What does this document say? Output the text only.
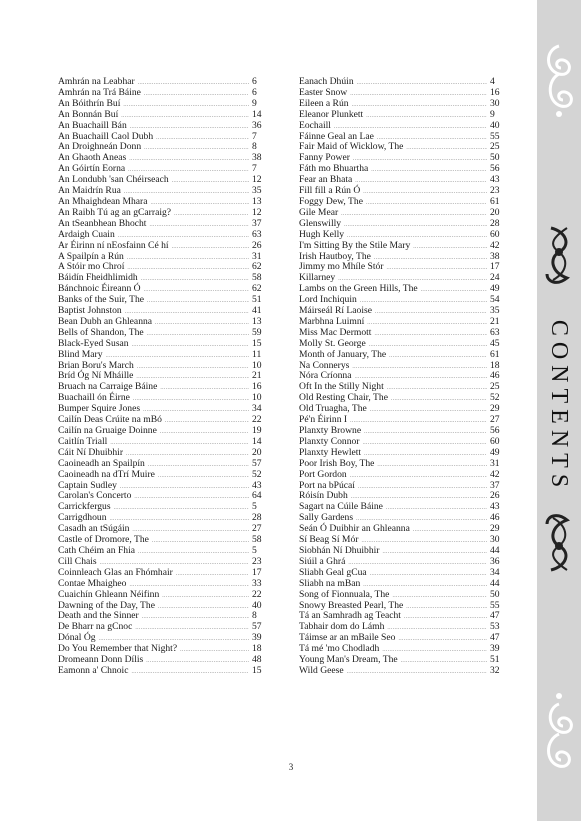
CONTENTS
Amhrán na Leabhar .....	6
Amhrán na Trá Báine .....	6
An Bóithrín Buí .....	9
An Bonnán Buí .....	14
An Buachaill Bán .....	36
An Buachaill Caol Dubh .....	7
An Droighneán Donn .....	8
An Ghaoth Aneas .....	38
An Góirtín Eorna .....	7
An Londubh 'san Chéirseach .....	12
An Maidrín Rua .....	35
An Mhaighdean Mhara .....	13
An Raibh Tú ag an gCarraig? .....	12
An tSeanbhean Bhocht .....	37
Ardaigh Cuain .....	63
Ar Éirinn ní nEosfainn Cé hí .....	26
A Spailpín a Rún .....	31
A Stóir mo Chroí .....	62
Báidín Fheidhlimidh .....	58
Bánchnoic Éireann Ó .....	62
Banks of the Suir, The .....	51
Baptist Johnston .....	41
Bean Dubh an Ghleanna .....	13
Bells of Shandon, The .....	59
Black-Eyed Susan .....	15
Blind Mary .....	11
Brian Boru's March .....	10
Bríd Óg Ní Mháille .....	21
Bruach na Carraige Báine .....	16
Buachaill ón Éirne .....	10
Bumper Squire Jones .....	34
Cailín Deas Crúite na mBó .....	22
Cailín na Gruaige Doinne .....	19
Caitlín Triall .....	14
Cáit Ní Dhuibhir .....	20
Caoineadh an Spailpín .....	57
Caoineadh na dTrí Muire .....	52
Captain Sudley .....	43
Carolan's Concerto .....	64
Carrickfergus .....	5
Carrigdhoun .....	28
Casadh an tSúgáin .....	27
Castle of Dromore, The .....	58
Cath Chéim an Fhia .....	5
Cill Chais .....	23
Coinnleach Glas an Fhómhair .....	17
Contae Mhaigheo .....	33
Cuaichín Ghleann Néifinn .....	22
Dawning of the Day, The .....	40
Death and the Sinner .....	8
De Bharr na gCnoc .....	57
Dónal Óg .....	39
Do You Remember that Night? .....	18
Dromeann Donn Dílis .....	48
Eamonn a' Chnoic .....	15
Eanach Dhúin .....	4
Easter Snow .....	16
Eileen a Rún .....	30
Eleanor Plunkett .....	9
Eochaill .....	40
Fáinne Geal an Lae .....	55
Fair Maid of Wicklow, The .....	25
Fanny Power .....	50
Fáth mo Bhuartha .....	56
Fear an Bhata .....	43
Fill fill a Rún Ó .....	23
Foggy Dew, The .....	61
Gile Mear .....	20
Glenswilly .....	28
Hugh Kelly .....	60
I'm Sitting By the Stile Mary .....	42
Irish Hautboy, The .....	38
Jimmy mo Mhíle Stór .....	17
Killarney .....	24
Lambs on the Green Hills, The .....	49
Lord Inchiquin .....	54
Máirseál Rí Laoise .....	35
Marbhna Luimní .....	21
Miss Mac Dermott .....	63
Molly St. George .....	45
Month of January, The .....	61
Na Connerys .....	18
Nóra Críonna .....	46
Oft In the Stilly Night .....	25
Old Resting Chair, The .....	52
Old Truagha, The .....	29
Pé'n Éirinn I .....	27
Planxty Browne .....	56
Planxty Connor .....	60
Planxty Hewlett .....	49
Poor Irish Boy, The .....	31
Port Gordon .....	42
Port na bPúcaí .....	37
Róisín Dubh .....	26
Sagart na Cúile Báine .....	43
Sally Gardens .....	46
Seán Ó Duibhir an Ghleanna .....	29
Sí Beag Sí Mór .....	30
Siobhán Ní Dhuibhir .....	44
Siúil a Ghrá .....	36
Sliabh Geal gCua .....	34
Sliabh na mBan .....	44
Song of Fionnuala, The .....	50
Snowy Breasted Pearl, The .....	55
Tá an Samhradh ag Teacht .....	47
Tabhair dom do Lámh .....	53
Táimse ar an mBaile Seo .....	47
Tá mé 'mo Chodladh .....	39
Young Man's Dream, The .....	51
Wild Geese .....	32
3
